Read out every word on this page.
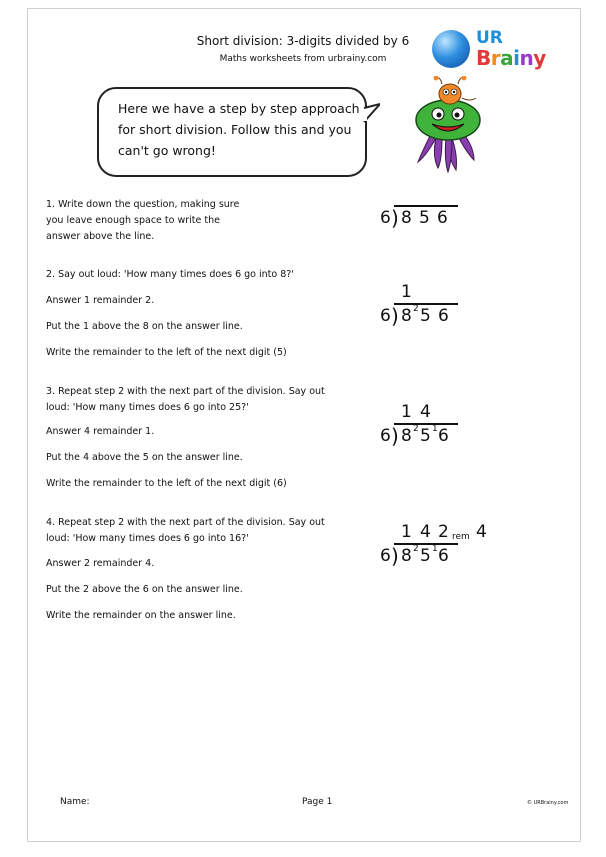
Short division: 3-digits divided by 6
Maths worksheets from urbrainy.com
UR
Brainy
Here we have a step by step approach
for short division. Follow this and you
can't go wrong!
1. Write down the question, making sure
you leave enough space to write the
answer above the line.
2. Say out loud: 'How many times does 6 go into 8?'
Answer 1 remainder 2.
Put the 1 above the 8 on the answer line.
Write the remainder to the left of the next digit (5)
3. Repeat step 2 with the next part of the division. Say out
loud: 'How many times does 6 go into 25?'
Answer 4 remainder 1.
Put the 4 above the 5 on the answer line.
Write the remainder to the left of the next digit (6)
4. Repeat step 2 with the next part of the division. Say out
loud: 'How many times does 6 go into 16?'
Answer 2 remainder 4.
Put the 2 above the 6 on the answer line.
Write the remainder on the answer line.
6 ) 8 5 6
1
6 ) 8 2 5 6
1 4
6 ) 8 2 5 1 6
1 4 2 rem 4
6 ) 8 2 5 1 6
Name:	Page 1	© URBrainy.com
